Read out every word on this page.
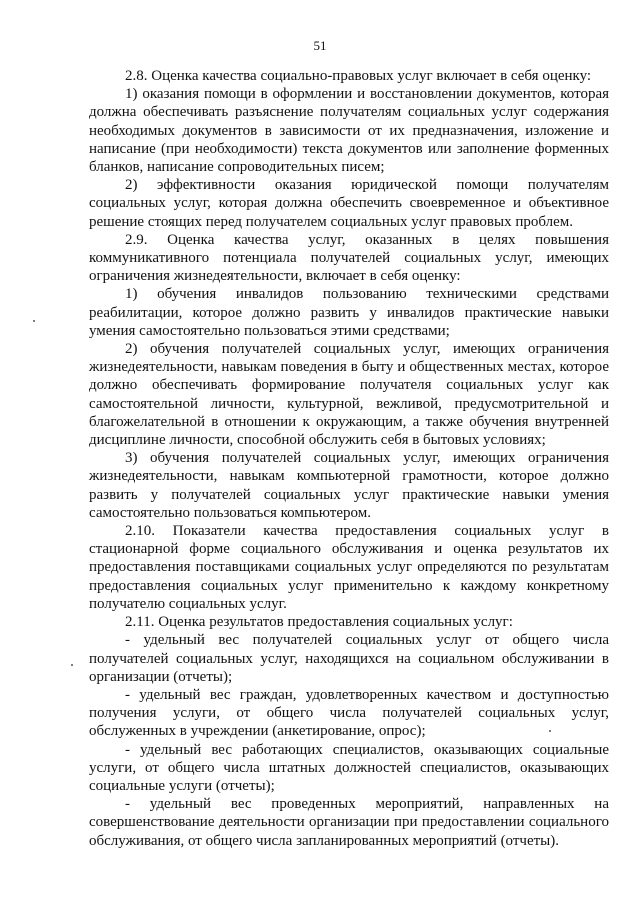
51

2.8. Оценка качества социально-правовых услуг включает в себя оценку:

1) оказания помощи в оформлении и восстановлении документов, которая должна обеспечивать разъяснение получателям социальных услуг содержания необходимых документов в зависимости от их предназначения, изложение и написание (при необходимости) текста документов или заполнение форменных бланков, написание сопроводительных писем;

2) эффективности оказания юридической помощи получателям социальных услуг, которая должна обеспечить своевременное и объективное решение стоящих перед получателем социальных услуг правовых проблем.

2.9. Оценка качества услуг, оказанных в целях повышения коммуникативного потенциала получателей социальных услуг, имеющих ограничения жизнедеятельности, включает в себя оценку:

1) обучения инвалидов пользованию техническими средствами реабилитации, которое должно развить у инвалидов практические навыки умения самостоятельно пользоваться этими средствами;

2) обучения получателей социальных услуг, имеющих ограничения жизнедеятельности, навыкам поведения в быту и общественных местах, которое должно обеспечивать формирование получателя социальных услуг как самостоятельной личности, культурной, вежливой, предусмотрительной и благожелательной в отношении к окружающим, а также обучения внутренней дисциплине личности, способной обслужить себя в бытовых условиях;

3) обучения получателей социальных услуг, имеющих ограничения жизнедеятельности, навыкам компьютерной грамотности, которое должно развить у получателей социальных услуг практические навыки умения самостоятельно пользоваться компьютером.

2.10. Показатели качества предоставления социальных услуг в стационарной форме социального обслуживания и оценка результатов их предоставления поставщиками социальных услуг определяются по результатам предоставления социальных услуг применительно к каждому конкретному получателю социальных услуг.

2.11. Оценка результатов предоставления социальных услуг:

- удельный вес получателей социальных услуг от общего числа получателей социальных услуг, находящихся на социальном обслуживании в организации (отчеты);

- удельный вес граждан, удовлетворенных качеством и доступностью получения услуги, от общего числа получателей социальных услуг, обслуженных в учреждении (анкетирование, опрос);

- удельный вес работающих специалистов, оказывающих социальные услуги, от общего числа штатных должностей специалистов, оказывающих социальные услуги (отчеты);

- удельный вес проведенных мероприятий, направленных на совершенствование деятельности организации при предоставлении социального обслуживания, от общего числа запланированных мероприятий (отчеты).
